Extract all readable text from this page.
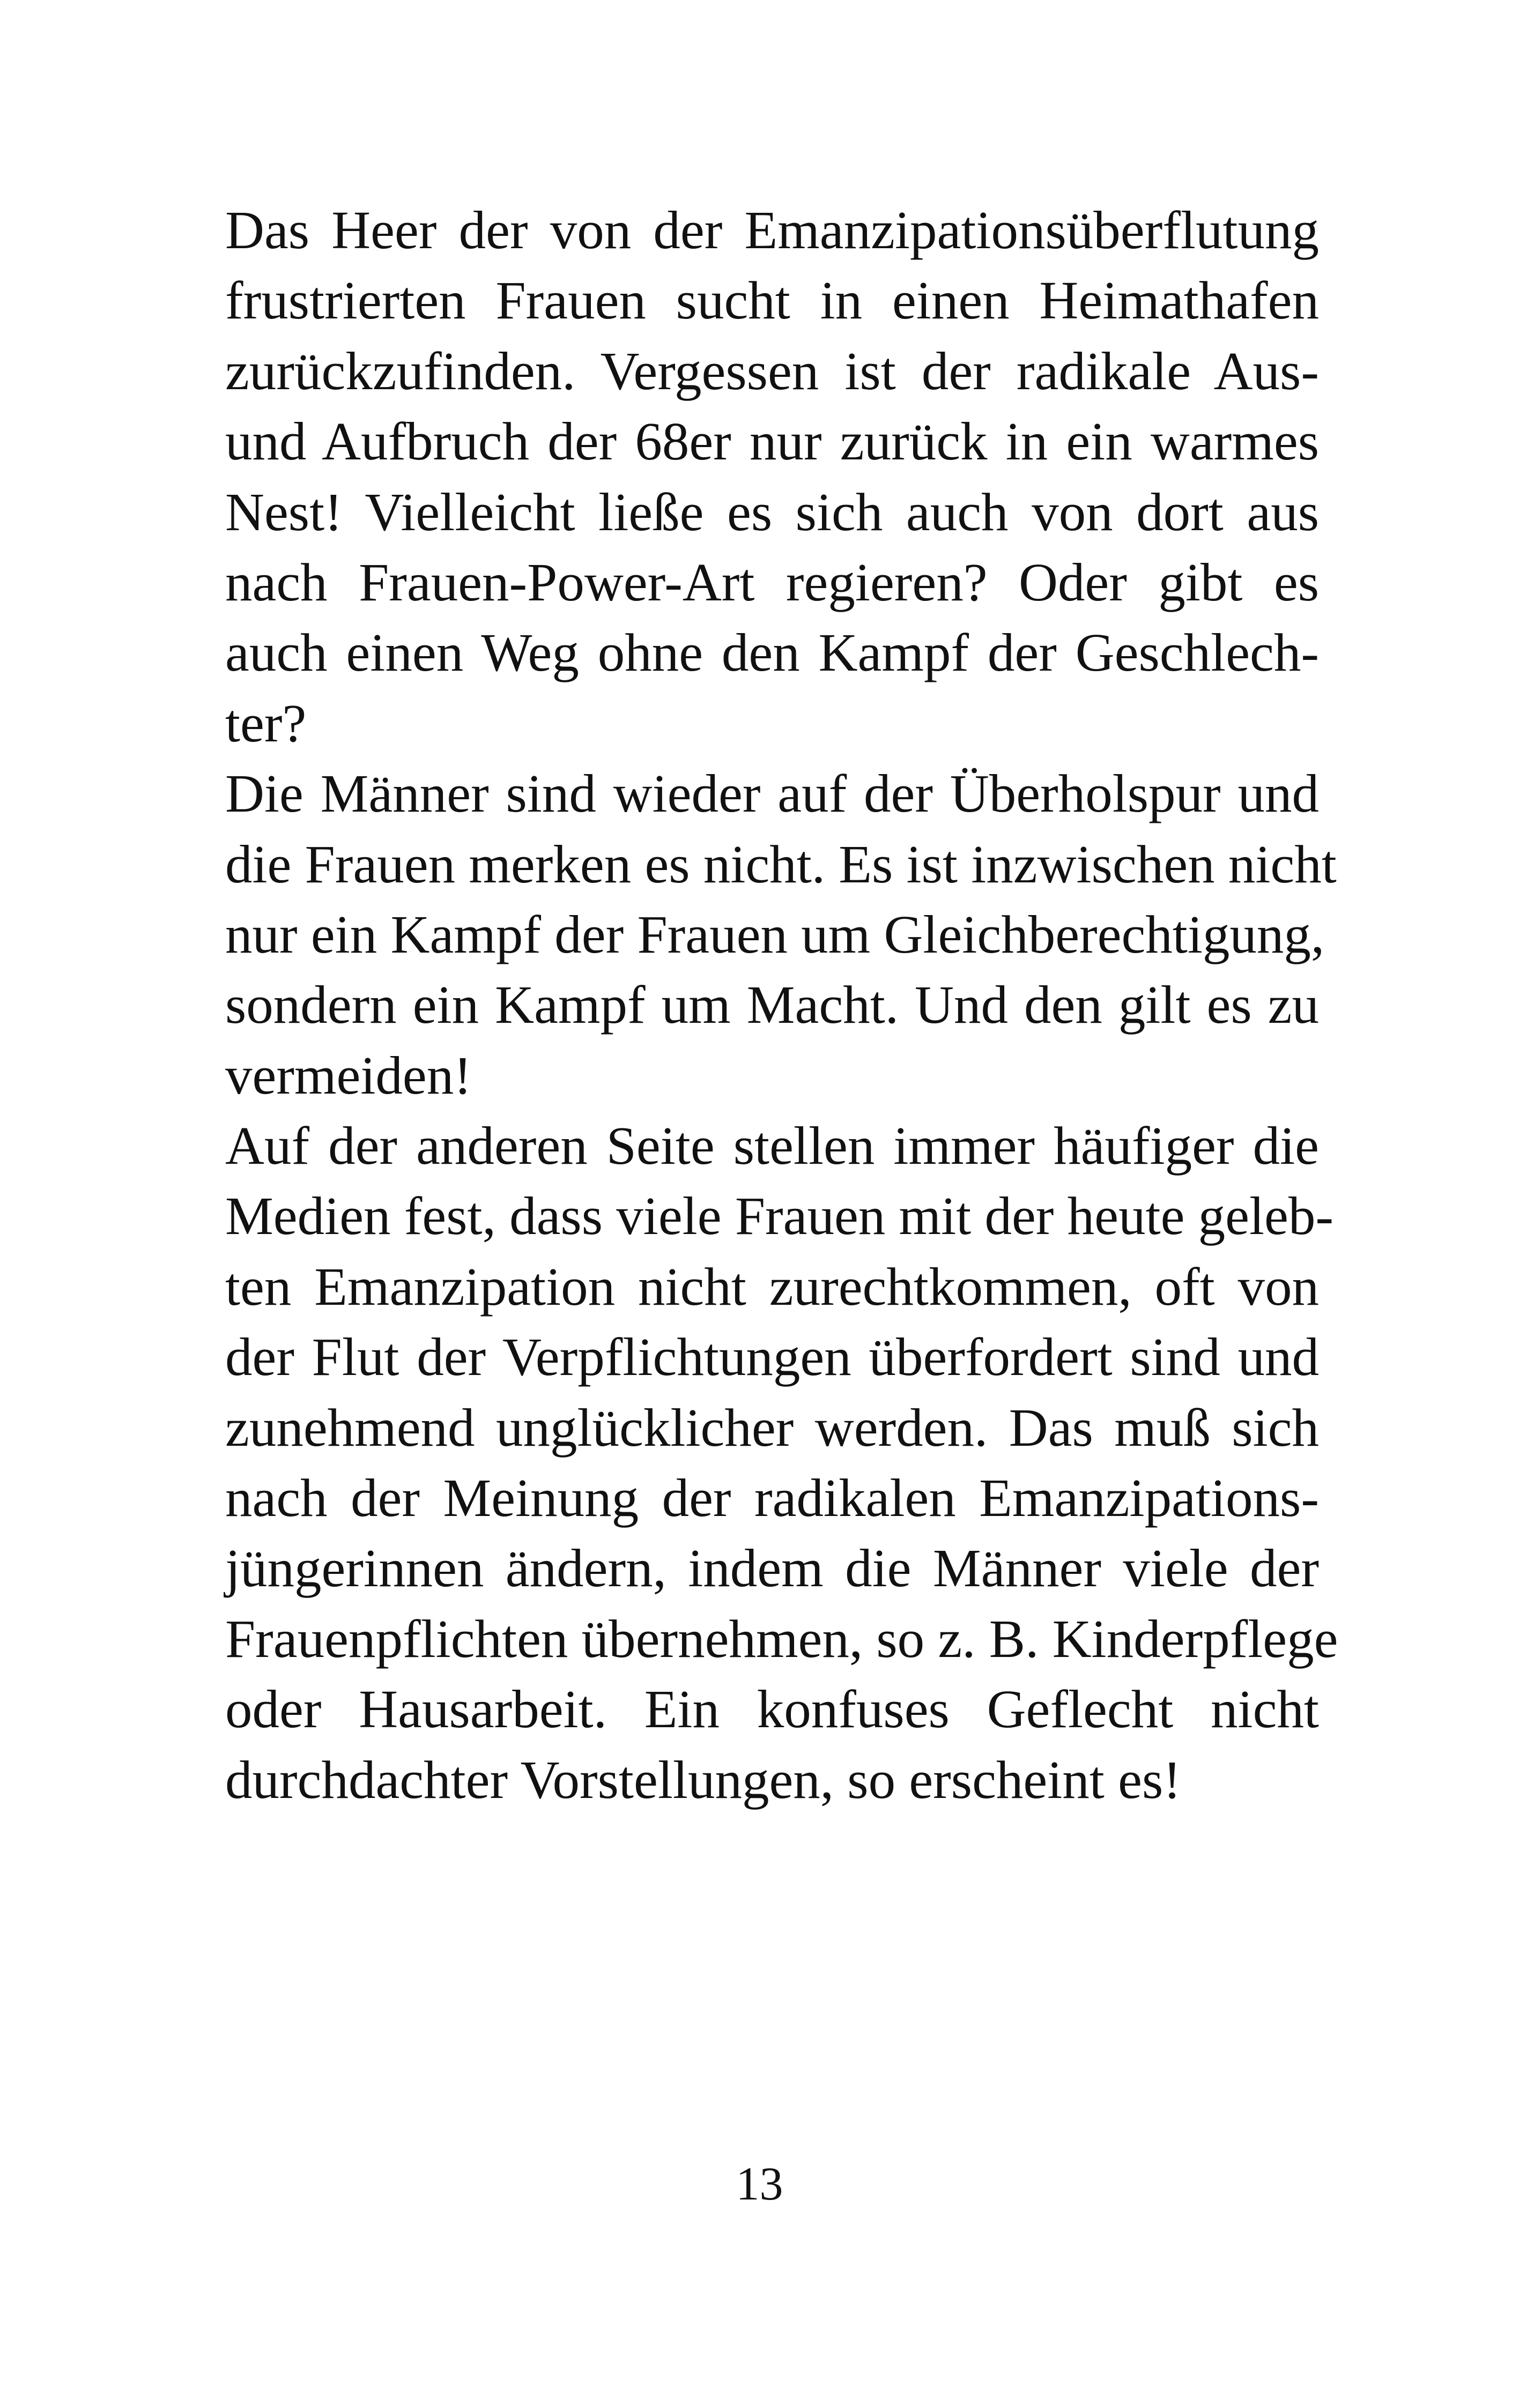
Das Heer der von der Emanzipationsüberflutung
frustrierten Frauen sucht in einen Heimathafen
zurückzufinden. Vergessen ist der radikale Aus-
und Aufbruch der 68er nur zurück in ein warmes
Nest! Vielleicht ließe es sich auch von dort aus
nach Frauen-Power-Art regieren? Oder gibt es
auch einen Weg ohne den Kampf der Geschlech-
ter?
Die Männer sind wieder auf der Überholspur und
die Frauen merken es nicht. Es ist inzwischen nicht
nur ein Kampf der Frauen um Gleichberechtigung,
sondern ein Kampf um Macht. Und den gilt es zu
vermeiden!
Auf der anderen Seite stellen immer häufiger die
Medien fest, dass viele Frauen mit der heute geleb-
ten Emanzipation nicht zurechtkommen, oft von
der Flut der Verpflichtungen überfordert sind und
zunehmend unglücklicher werden. Das muß sich
nach der Meinung der radikalen Emanzipations-
jüngerinnen ändern, indem die Männer viele der
Frauenpflichten übernehmen, so z. B. Kinderpflege
oder Hausarbeit. Ein konfuses Geflecht nicht
durchdachter Vorstellungen, so erscheint es!
13
